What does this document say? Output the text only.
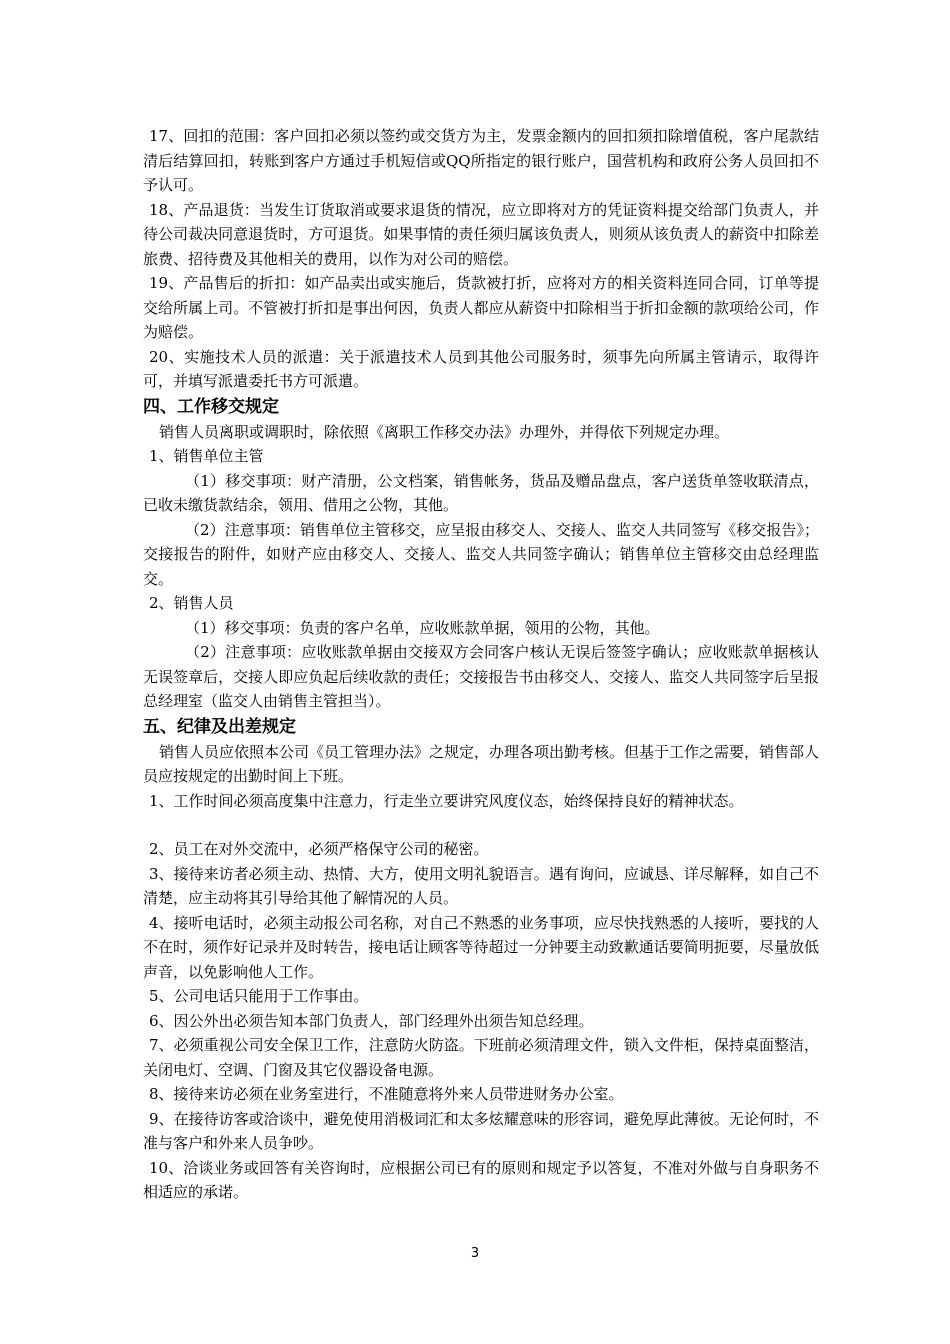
17、回扣的范围：客户回扣必须以签约或交货方为主，发票金额内的回扣须扣除增值税，客户尾款结清后结算回扣，转账到客户方通过手机短信或QQ所指定的银行账户，国营机构和政府公务人员回扣不予认可。

18、产品退货：当发生订货取消或要求退货的情况，应立即将对方的凭证资料提交给部门负责人，并待公司裁决同意退货时，方可退货。如果事情的责任须归属该负责人，则须从该负责人的薪资中扣除差旅费、招待费及其他相关的费用，以作为对公司的赔偿。

19、产品售后的折扣：如产品卖出或实施后，货款被打折，应将对方的相关资料连同合同，订单等提交给所属上司。不管被打折扣是事出何因，负责人都应从薪资中扣除相当于折扣金额的款项给公司，作为赔偿。

20、实施技术人员的派遣：关于派遣技术人员到其他公司服务时，须事先向所属主管请示，取得许可，并填写派遣委托书方可派遣。

四、工作移交规定

销售人员离职或调职时，除依照《离职工作移交办法》办理外，并得依下列规定办理。

1、销售单位主管

（1）移交事项：财产清册，公文档案，销售帐务，货品及赠品盘点，客户送货单签收联清点，已收未缴货款结余，领用、借用之公物，其他。

（2）注意事项：销售单位主管移交，应呈报由移交人、交接人、监交人共同签写《移交报告》；交接报告的附件，如财产应由移交人、交接人、监交人共同签字确认；销售单位主管移交由总经理监交。

2、销售人员

（1）移交事项：负责的客户名单，应收账款单据，领用的公物，其他。

（2）注意事项：应收账款单据由交接双方会同客户核认无误后签签字确认；应收账款单据核认无误签章后，交接人即应负起后续收款的责任；交接报告书由移交人、交接人、监交人共同签字后呈报总经理室（监交人由销售主管担当）。

五、纪律及出差规定

销售人员应依照本公司《员工管理办法》之规定，办理各项出勤考核。但基于工作之需要，销售部人员应按规定的出勤时间上下班。

1、工作时间必须高度集中注意力，行走坐立要讲究风度仪态，始终保持良好的精神状态。

2、员工在对外交流中，必须严格保守公司的秘密。

3、接待来访者必须主动、热情、大方，使用文明礼貌语言。遇有询问，应诚恳、详尽解释，如自己不清楚，应主动将其引导给其他了解情况的人员。

4、接听电话时，必须主动报公司名称，对自己不熟悉的业务事项，应尽快找熟悉的人接听，要找的人不在时，须作好记录并及时转告，接电话让顾客等待超过一分钟要主动致歉通话要简明扼要，尽量放低声音，以免影响他人工作。

5、公司电话只能用于工作事由。

6、因公外出必须告知本部门负责人，部门经理外出须告知总经理。

7、必须重视公司安全保卫工作，注意防火防盗。下班前必须清理文件，锁入文件柜，保持桌面整洁，关闭电灯、空调、门窗及其它仪器设备电源。

8、接待来访必须在业务室进行，不准随意将外来人员带进财务办公室。

9、在接待访客或洽谈中，避免使用消极词汇和太多炫耀意味的形容词，避免厚此薄彼。无论何时，不准与客户和外来人员争吵。

10、洽谈业务或回答有关咨询时，应根据公司已有的原则和规定予以答复，不准对外做与自身职务不相适应的承诺。

3
